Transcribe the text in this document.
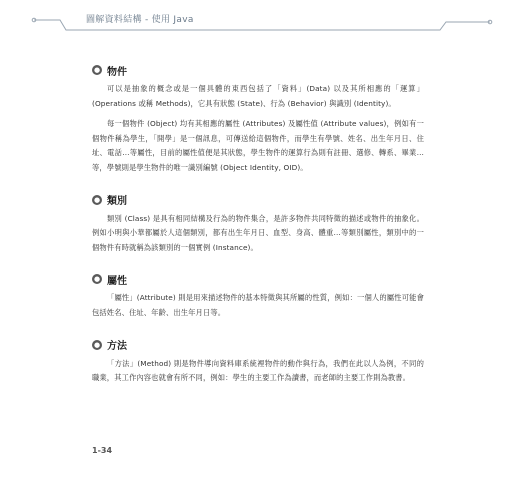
圖解資料結構 - 使用 Java
● 物件

可以是抽象的概念或是一個具體的東西包括了「資料」(Data) 以及其所相應的「運算」(Operations 或稱 Methods)，它具有狀態 (State)、行為 (Behavior) 與識別 (Identity)。

每一個物件 (Object) 均有其相應的屬性 (Attributes) 及屬性值 (Attribute values)，例如有一個物件稱為學生，「開學」是一個訊息，可傳送給這個物件，而學生有學號、姓名、出生年月日、住址、電話…等屬性，目前的屬性值便是其狀態，學生物件的運算行為則有註冊、選修、轉系、畢業…等，學號則是學生物件的唯一識別編號 (Object Identity, OID)。

● 類別

類別 (Class) 是具有相同結構及行為的物件集合，是許多物件共同特徵的描述或物件的抽象化。例如小明與小華都屬於人這個類別，都有出生年月日、血型、身高、體重…等類別屬性，類別中的一個物件有時就稱為該類別的一個實例 (Instance)。

● 屬性

「屬性」(Attribute) 則是用來描述物件的基本特徵與其所屬的性質，例如：一個人的屬性可能會包括姓名、住址、年齡、出生年月日等。

● 方法

「方法」(Method) 則是物件導向資料庫系統裡物件的動作與行為，我們在此以人為例，不同的職業，其工作內容也就會有所不同，例如：學生的主要工作為讀書，而老師的主要工作則為教書。

1-34
